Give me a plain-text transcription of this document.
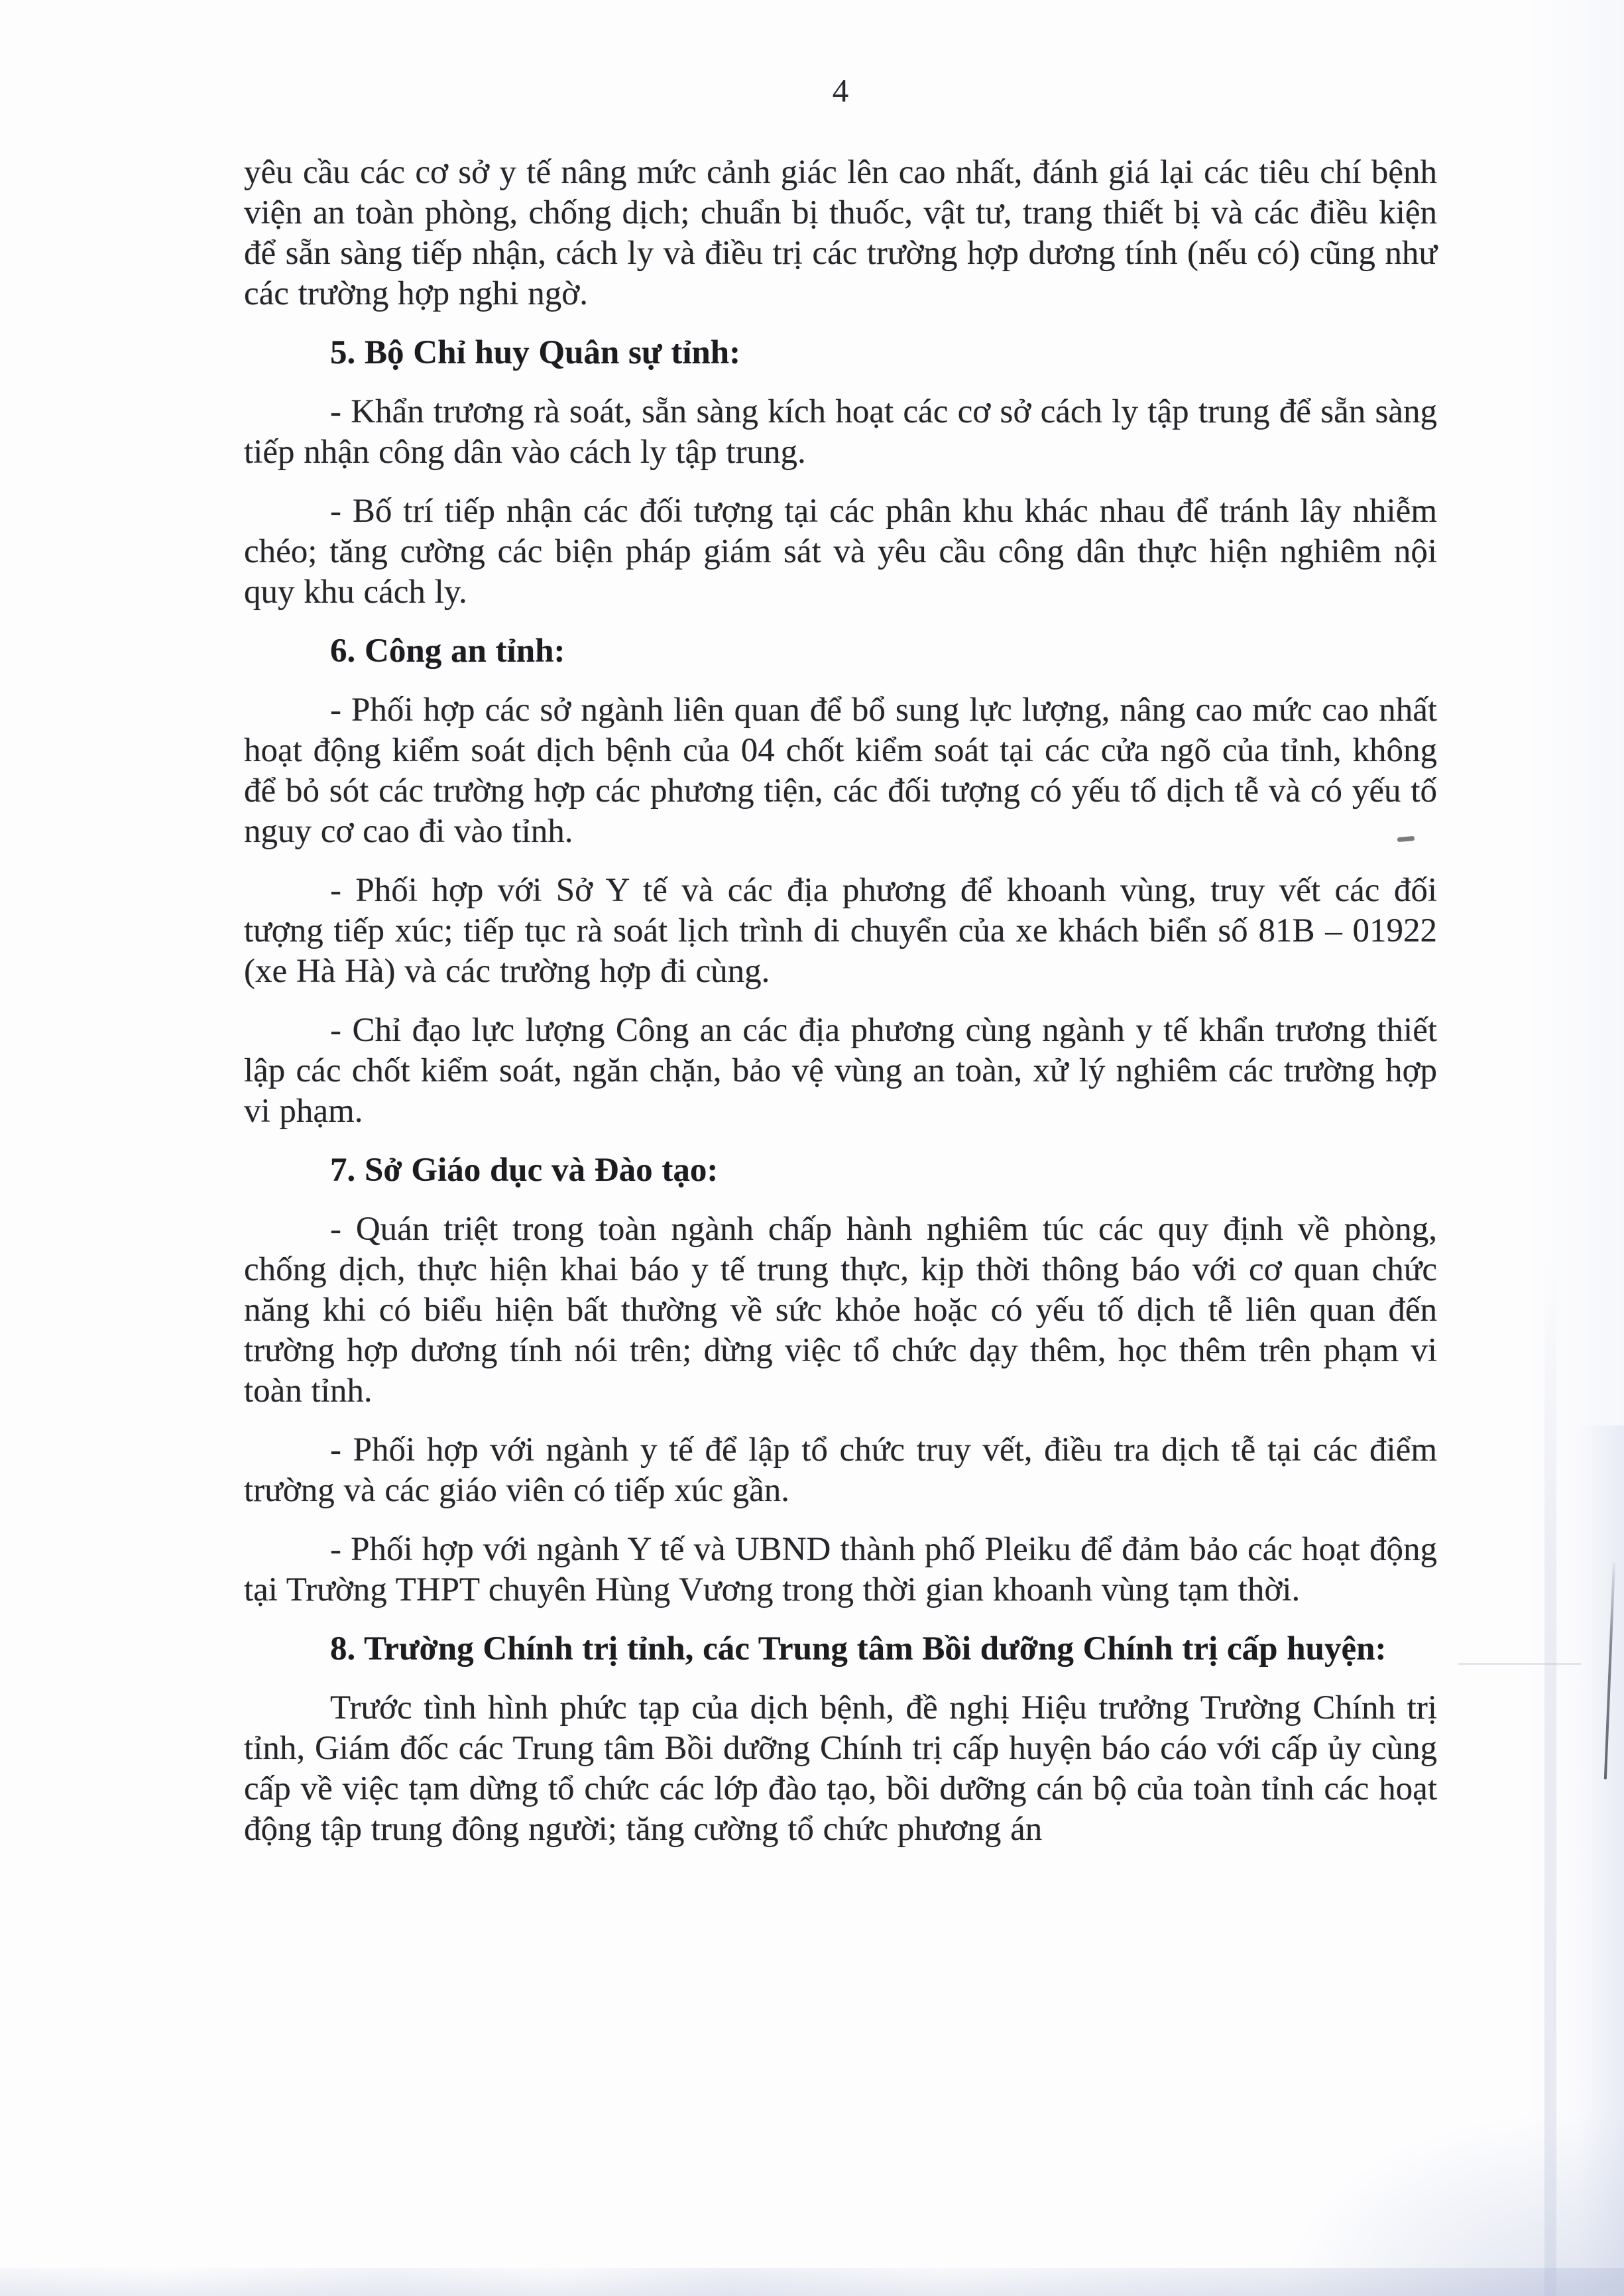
4

yêu cầu các cơ sở y tế nâng mức cảnh giác lên cao nhất, đánh giá lại các tiêu chí bệnh viện an toàn phòng, chống dịch; chuẩn bị thuốc, vật tư, trang thiết bị và các điều kiện để sẵn sàng tiếp nhận, cách ly và điều trị các trường hợp dương tính (nếu có) cũng như các trường hợp nghi ngờ.

5. Bộ Chỉ huy Quân sự tỉnh:

- Khẩn trương rà soát, sẵn sàng kích hoạt các cơ sở cách ly tập trung để sẵn sàng tiếp nhận công dân vào cách ly tập trung.

- Bố trí tiếp nhận các đối tượng tại các phân khu khác nhau để tránh lây nhiễm chéo; tăng cường các biện pháp giám sát và yêu cầu công dân thực hiện nghiêm nội quy khu cách ly.

6. Công an tỉnh:

- Phối hợp các sở ngành liên quan để bổ sung lực lượng, nâng cao mức cao nhất hoạt động kiểm soát dịch bệnh của 04 chốt kiểm soát tại các cửa ngõ của tỉnh, không để bỏ sót các trường hợp các phương tiện, các đối tượng có yếu tố dịch tễ và có yếu tố nguy cơ cao đi vào tỉnh.

- Phối hợp với Sở Y tế và các địa phương để khoanh vùng, truy vết các đối tượng tiếp xúc; tiếp tục rà soát lịch trình di chuyển của xe khách biển số 81B – 01922 (xe Hà Hà) và các trường hợp đi cùng.

- Chỉ đạo lực lượng Công an các địa phương cùng ngành y tế khẩn trương thiết lập các chốt kiểm soát, ngăn chặn, bảo vệ vùng an toàn, xử lý nghiêm các trường hợp vi phạm.

7. Sở Giáo dục và Đào tạo:

- Quán triệt trong toàn ngành chấp hành nghiêm túc các quy định về phòng, chống dịch, thực hiện khai báo y tế trung thực, kịp thời thông báo với cơ quan chức năng khi có biểu hiện bất thường về sức khỏe hoặc có yếu tố dịch tễ liên quan đến trường hợp dương tính nói trên; dừng việc tổ chức dạy thêm, học thêm trên phạm vi toàn tỉnh.

- Phối hợp với ngành y tế để lập tổ chức truy vết, điều tra dịch tễ tại các điểm trường và các giáo viên có tiếp xúc gần.

- Phối hợp với ngành Y tế và UBND thành phố Pleiku để đảm bảo các hoạt động tại Trường THPT chuyên Hùng Vương trong thời gian khoanh vùng tạm thời.

8. Trường Chính trị tỉnh, các Trung tâm Bồi dưỡng Chính trị cấp huyện:

Trước tình hình phức tạp của dịch bệnh, đề nghị Hiệu trưởng Trường Chính trị tỉnh, Giám đốc các Trung tâm Bồi dưỡng Chính trị cấp huyện báo cáo với cấp ủy cùng cấp về việc tạm dừng tổ chức các lớp đào tạo, bồi dưỡng cán bộ của toàn tỉnh các hoạt động tập trung đông người; tăng cường tổ chức phương án
